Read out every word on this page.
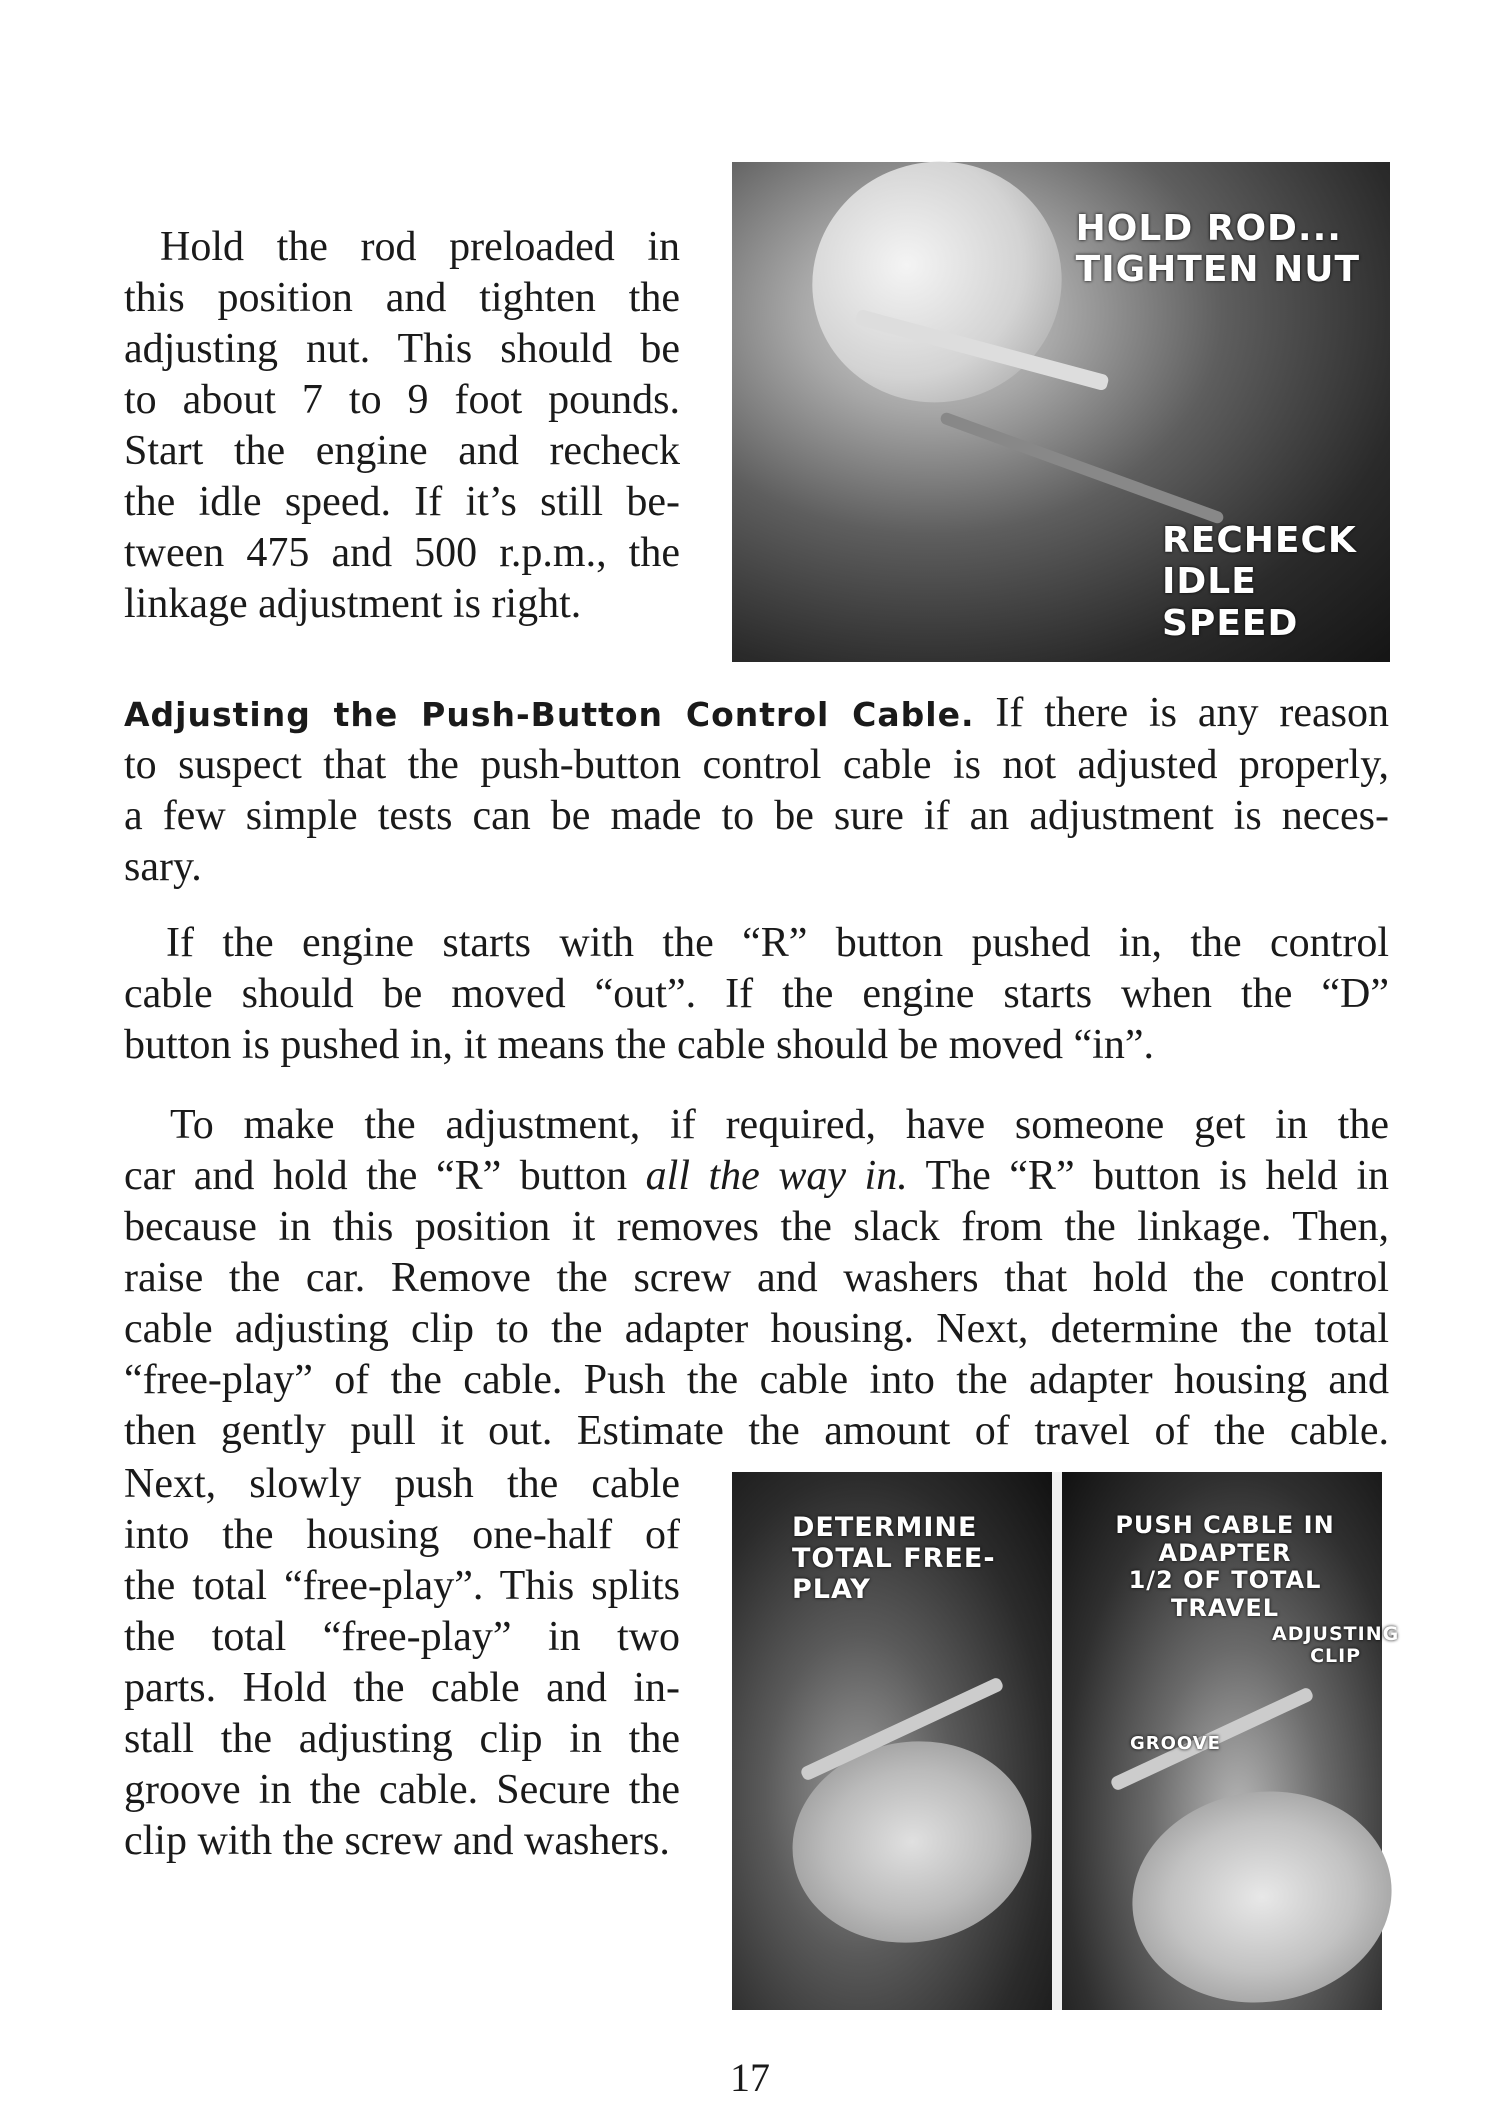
Hold the rod preloaded in
this position and tighten the
adjusting nut. This should be
to about 7 to 9 foot pounds.
Start the engine and recheck
the idle speed. If it’s still be-
tween 475 and 500 r.p.m., the
linkage adjustment is right.
HOLD ROD...
TIGHTEN NUT
RECHECK
IDLE SPEED
Adjusting the Push-Button Control Cable. If there is any reason
to suspect that the push-button control cable is not adjusted properly,
a few simple tests can be made to be sure if an adjustment is neces-
sary.
If the engine starts with the “R” button pushed in, the control
cable should be moved “out”. If the engine starts when the “D”
button is pushed in, it means the cable should be moved “in”.
To make the adjustment, if required, have someone get in the
car and hold the “R” button all the way in. The “R” button is held in
because in this position it removes the slack from the linkage. Then,
raise the car. Remove the screw and washers that hold the control
cable adjusting clip to the adapter housing. Next, determine the total
“free-play” of the cable. Push the cable into the adapter housing and
then gently pull it out. Estimate the amount of travel of the cable.
Next, slowly push the cable
into the housing one-half of
the total “free-play”. This splits
the total “free-play” in two
parts. Hold the cable and in-
stall the adjusting clip in the
groove in the cable. Secure the
clip with the screw and washers.
DETERMINE
TOTAL FREE-PLAY
PUSH CABLE IN ADAPTER
1/2 OF TOTAL TRAVEL
ADJUSTING
CLIP
GROOVE
17
